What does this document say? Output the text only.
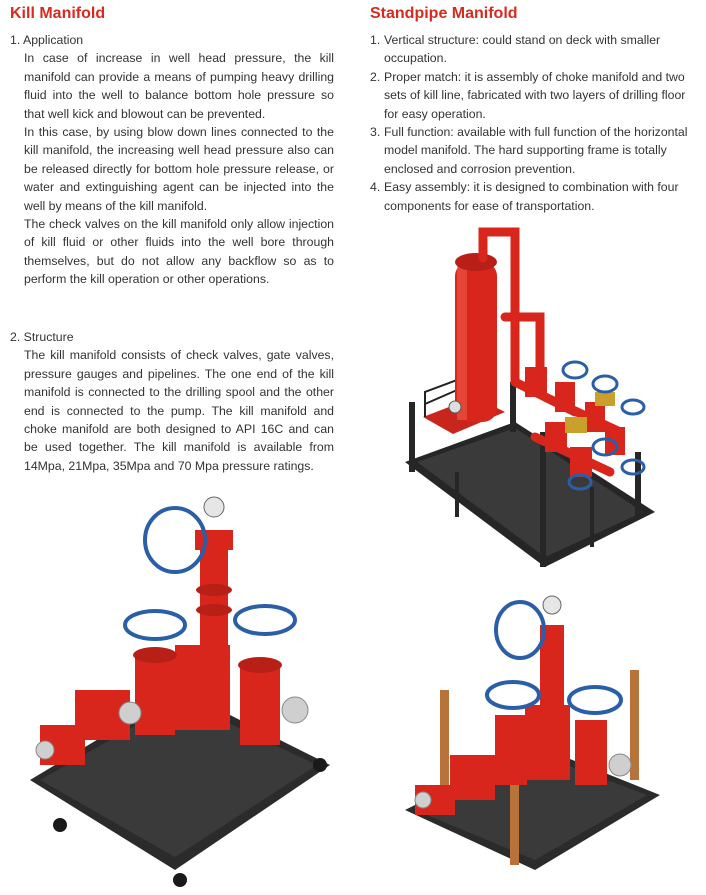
Kill Manifold

1. Application

In case of increase in well head pressure, the kill manifold can provide a means of pumping heavy drilling fluid into the well to balance bottom hole pressure so that well kick and blowout can be prevented.

In this case, by using blow down lines connected to the kill manifold, the increasing well head pressure also can be released directly for bottom hole pressure release, or water and extinguishing agent can be injected into the well by means of the kill manifold.

The check valves on the kill manifold only allow injection of kill fluid or other fluids into the well bore through themselves, but do not allow any backflow so as to perform the kill operation or other operations.

2. Structure

The kill manifold consists of check valves, gate valves, pressure gauges and pipelines. The one end of the kill manifold is connected to the drilling spool and the other end is connected to the pump. The kill manifold and choke manifold are both designed to API 16C and can be used together. The kill manifold is available from 14Mpa, 21Mpa, 35Mpa and 70 Mpa pressure ratings.

Standpipe Manifold
1. Vertical structure: could stand on deck with smaller occupation.
2. Proper match: it is assembly of choke manifold and two sets of kill line, fabricated with two layers of drilling floor for easy operation.
3. Full function: available with full function of the horizontal model manifold. The hard supporting frame is totally enclosed and corrosion prevention.
4. Easy assembly: it is designed to combination with four components for ease of transportation.
